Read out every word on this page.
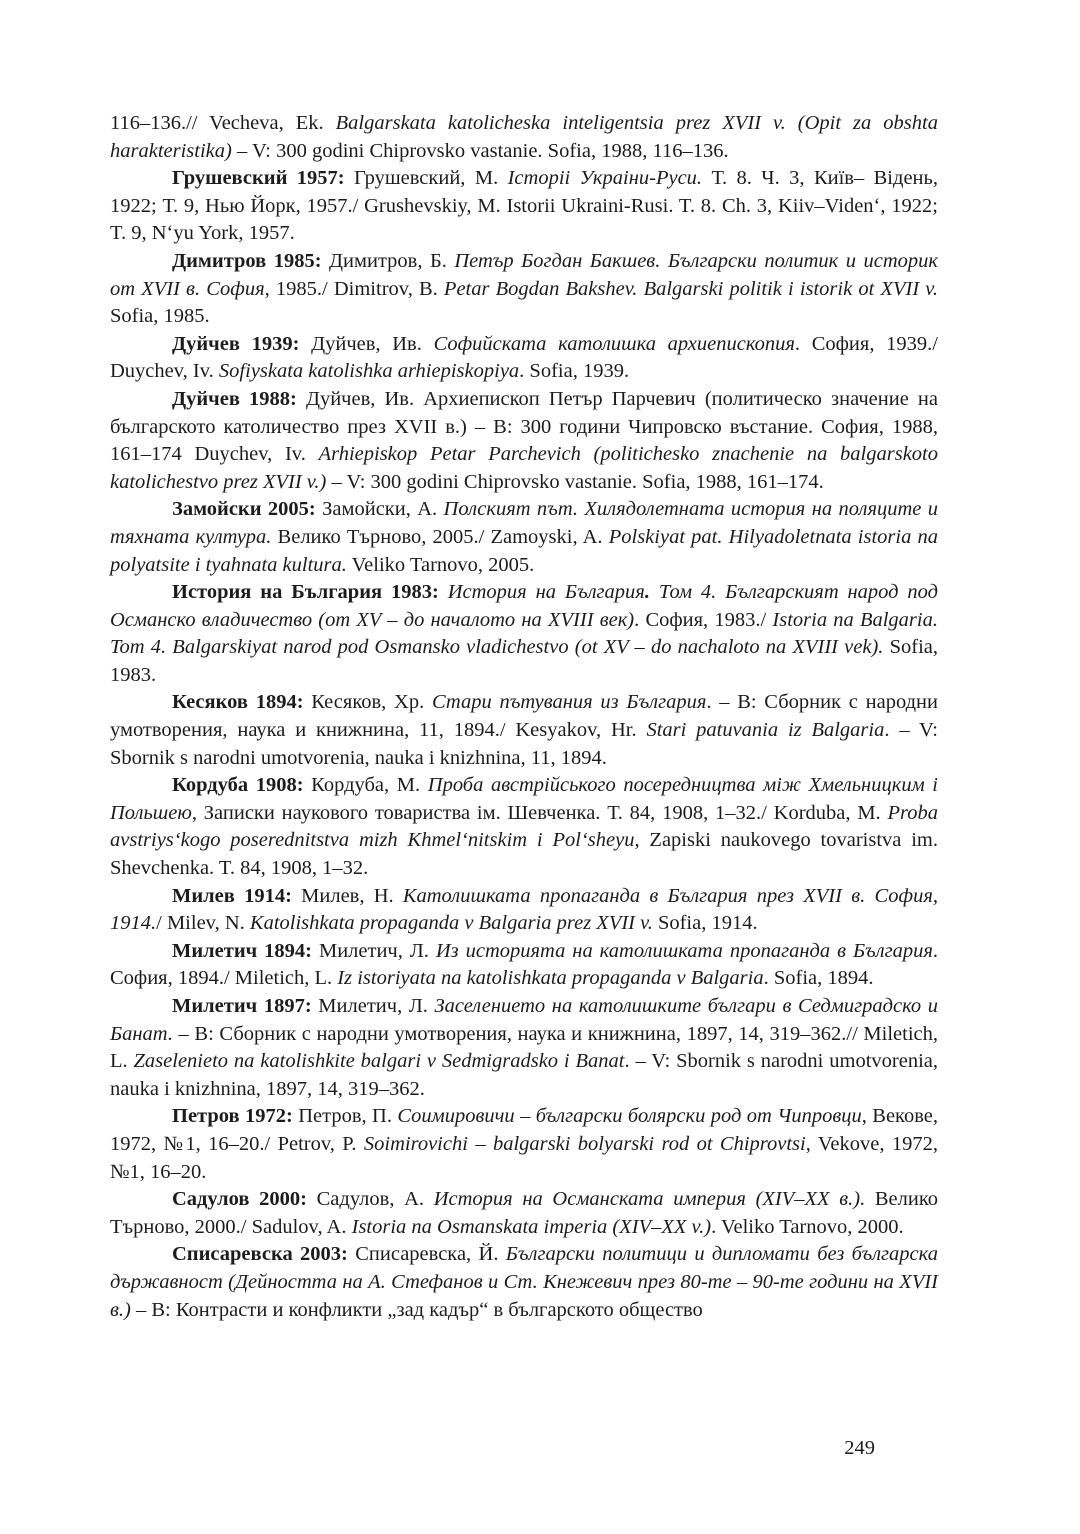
116–136.// Vecheva, Ek. Balgarskata katolicheska inteligentsia prez XVII v. (Opit za obshta harakteristika) – V: 300 godini Chiprovsko vastanie. Sofia, 1988, 116–136.

Грушевский 1957: Грушевский, М. Історіі Украіни-Руси. Т. 8. Ч. 3, Київ– Відень, 1922; Т. 9, Нью Йорк, 1957./ Grushevskiy, M. Istorii Ukraini-Rusi. T. 8. Ch. 3, Kiiv–Viden‘, 1922; T. 9, N‘yu York, 1957.

Димитров 1985: Димитров, Б. Петър Богдан Бакшев. Български политик и историк от XVII в. София, 1985./ Dimitrov, B. Petar Bogdan Bakshev. Balgarski politik i istorik ot XVII v. Sofia, 1985.

Дуйчев 1939: Дуйчев, Ив. Софийската католишка архиепископия. София, 1939./ Duychev, Iv. Sofiyskata katolishka arhiepiskopiya. Sofia, 1939.

Дуйчев 1988: Дуйчев, Ив. Архиепископ Петър Парчевич (политическо значение на българското католичество през XVII в.) – В: 300 години Чипровско въстание. София, 1988, 161–174 Duychev, Iv. Arhiepiskop Petar Parchevich (politichesko znachenie na balgarskoto katolichestvo prez XVII v.) – V: 300 godini Chiprovsko vastanie. Sofia, 1988, 161–174.

Замойски 2005: Замойски, А. Полският път. Хилядолетната история на поляците и тяхната култура. Велико Търново, 2005./ Zamoyski, A. Polskiyat pat. Hilyadoletnata istoria na polyatsite i tyahnata kultura. Veliko Tarnovo, 2005.

История на България 1983: История на България. Том 4. Българският народ под Османско владичество (от XV – до началото на XVIII век). София, 1983./ Istoria na Balgaria. Tom 4. Balgarskiyat narod pod Osmansko vladichestvo (ot XV – do nachaloto na XVIII vek). Sofia, 1983.

Кесяков 1894: Кесяков, Хр. Стари пътувания из България. – В: Сборник с народни умотворения, наука и книжнина, 11, 1894./ Kesyakov, Hr. Stari patuvania iz Balgaria. – V: Sbornik s narodni umotvorenia, nauka i knizhnina, 11, 1894.

Кордуба 1908: Кордуба, М. Проба австрійського посередництва між Хмельницким і Польшею, Записки наукового товариства ім. Шевченка. Т. 84, 1908, 1–32./ Korduba, M. Proba avstriys‘kogo poserednitstva mizh Khmel‘nitskim i Pol‘sheyu, Zapiski naukovego tovaristva im. Shevchenka. T. 84, 1908, 1–32.

Милев 1914: Милев, Н. Католишката пропаганда в България през XVII в. София, 1914./ Milev, N. Katolishkata propaganda v Balgaria prez XVII v. Sofia, 1914.

Милетич 1894: Милетич, Л. Из историята на католишката пропаганда в България. София, 1894./ Miletich, L. Iz istoriyata na katolishkata propaganda v Balgaria. Sofia, 1894.

Милетич 1897: Милетич, Л. Заселението на католишките българи в Седмиградско и Банат. – В: Сборник с народни умотворения, наука и книжнина, 1897, 14, 319–362.// Miletich, L. Zaselenieto na katolishkite balgari v Sedmigradsko i Banat. – V: Sbornik s narodni umotvorenia, nauka i knizhnina, 1897, 14, 319–362.

Петров 1972: Петров, П. Соимировичи – български болярски род от Чипровци, Векове, 1972, №1, 16–20./ Petrov, P. Soimirovichi – balgarski bolyarski rod ot Chiprovtsi, Vekove, 1972, №1, 16–20.

Садулов 2000: Садулов, А. История на Османската империя (XIV–XX в.). Велико Търново, 2000./ Sadulov, A. Istoria na Osmanskata imperia (XIV–XX v.). Veliko Tarnovo, 2000.

Списаревска 2003: Списаревска, Й. Български политици и дипломати без българска държавност (Дейността на А. Стефанов и Ст. Кнежевич през 80-те – 90-те години на XVII в.) – В: Контрасти и конфликти „зад кадър“ в българското общество

249
